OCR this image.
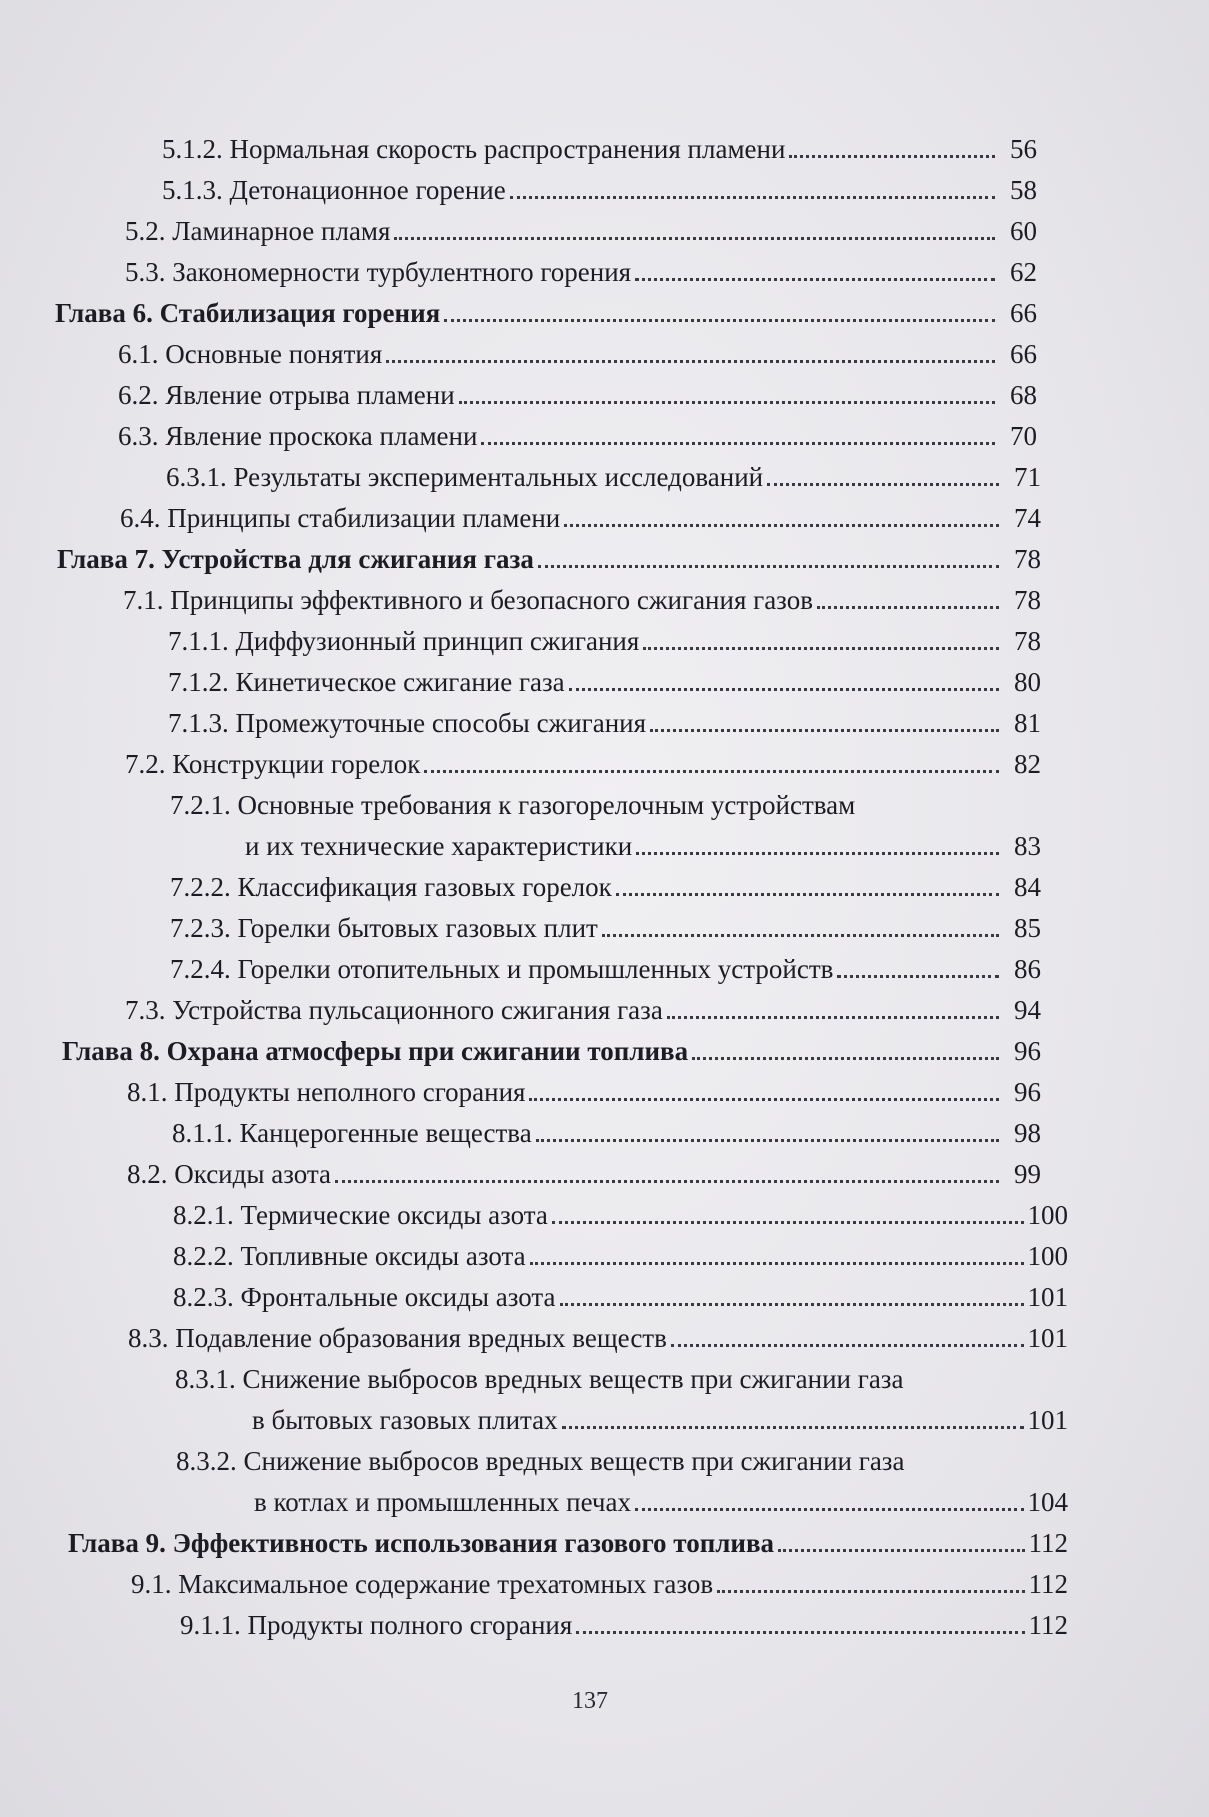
5.1.2. Нормальная скорость распространения пламени	56
5.1.3. Детонационное горение	58
5.2. Ламинарное пламя	60
5.3. Закономерности турбулентного горения	62
Глава 6. Стабилизация горения	66
6.1. Основные понятия	66
6.2. Явление отрыва пламени	68
6.3. Явление проскока пламени	70
6.3.1. Результаты экспериментальных исследований	71
6.4. Принципы стабилизации пламени	74
Глава 7. Устройства для сжигания газа	78
7.1. Принципы эффективного и безопасного сжигания газов	78
7.1.1. Диффузионный принцип сжигания	78
7.1.2. Кинетическое сжигание газа	80
7.1.3. Промежуточные способы сжигания	81
7.2. Конструкции горелок	82
7.2.1. Основные требования к газогорелочным устройствам
и их технические характеристики	83
7.2.2. Классификация газовых горелок	84
7.2.3. Горелки бытовых газовых плит	85
7.2.4. Горелки отопительных и промышленных устройств	86
7.3. Устройства пульсационного сжигания газа	94
Глава 8. Охрана атмосферы при сжигании топлива	96
8.1. Продукты неполного сгорания	96
8.1.1. Канцерогенные вещества	98
8.2. Оксиды азота	99
8.2.1. Термические оксиды азота	100
8.2.2. Топливные оксиды азота	100
8.2.3. Фронтальные оксиды азота	101
8.3. Подавление образования вредных веществ	101
8.3.1. Снижение выбросов вредных веществ при сжигании газа
в бытовых газовых плитах	101
8.3.2. Снижение выбросов вредных веществ при сжигании газа
в котлах и промышленных печах	104
Глава 9. Эффективность использования газового топлива	112
9.1. Максимальное содержание трехатомных газов	112
9.1.1. Продукты полного сгорания	112
137
